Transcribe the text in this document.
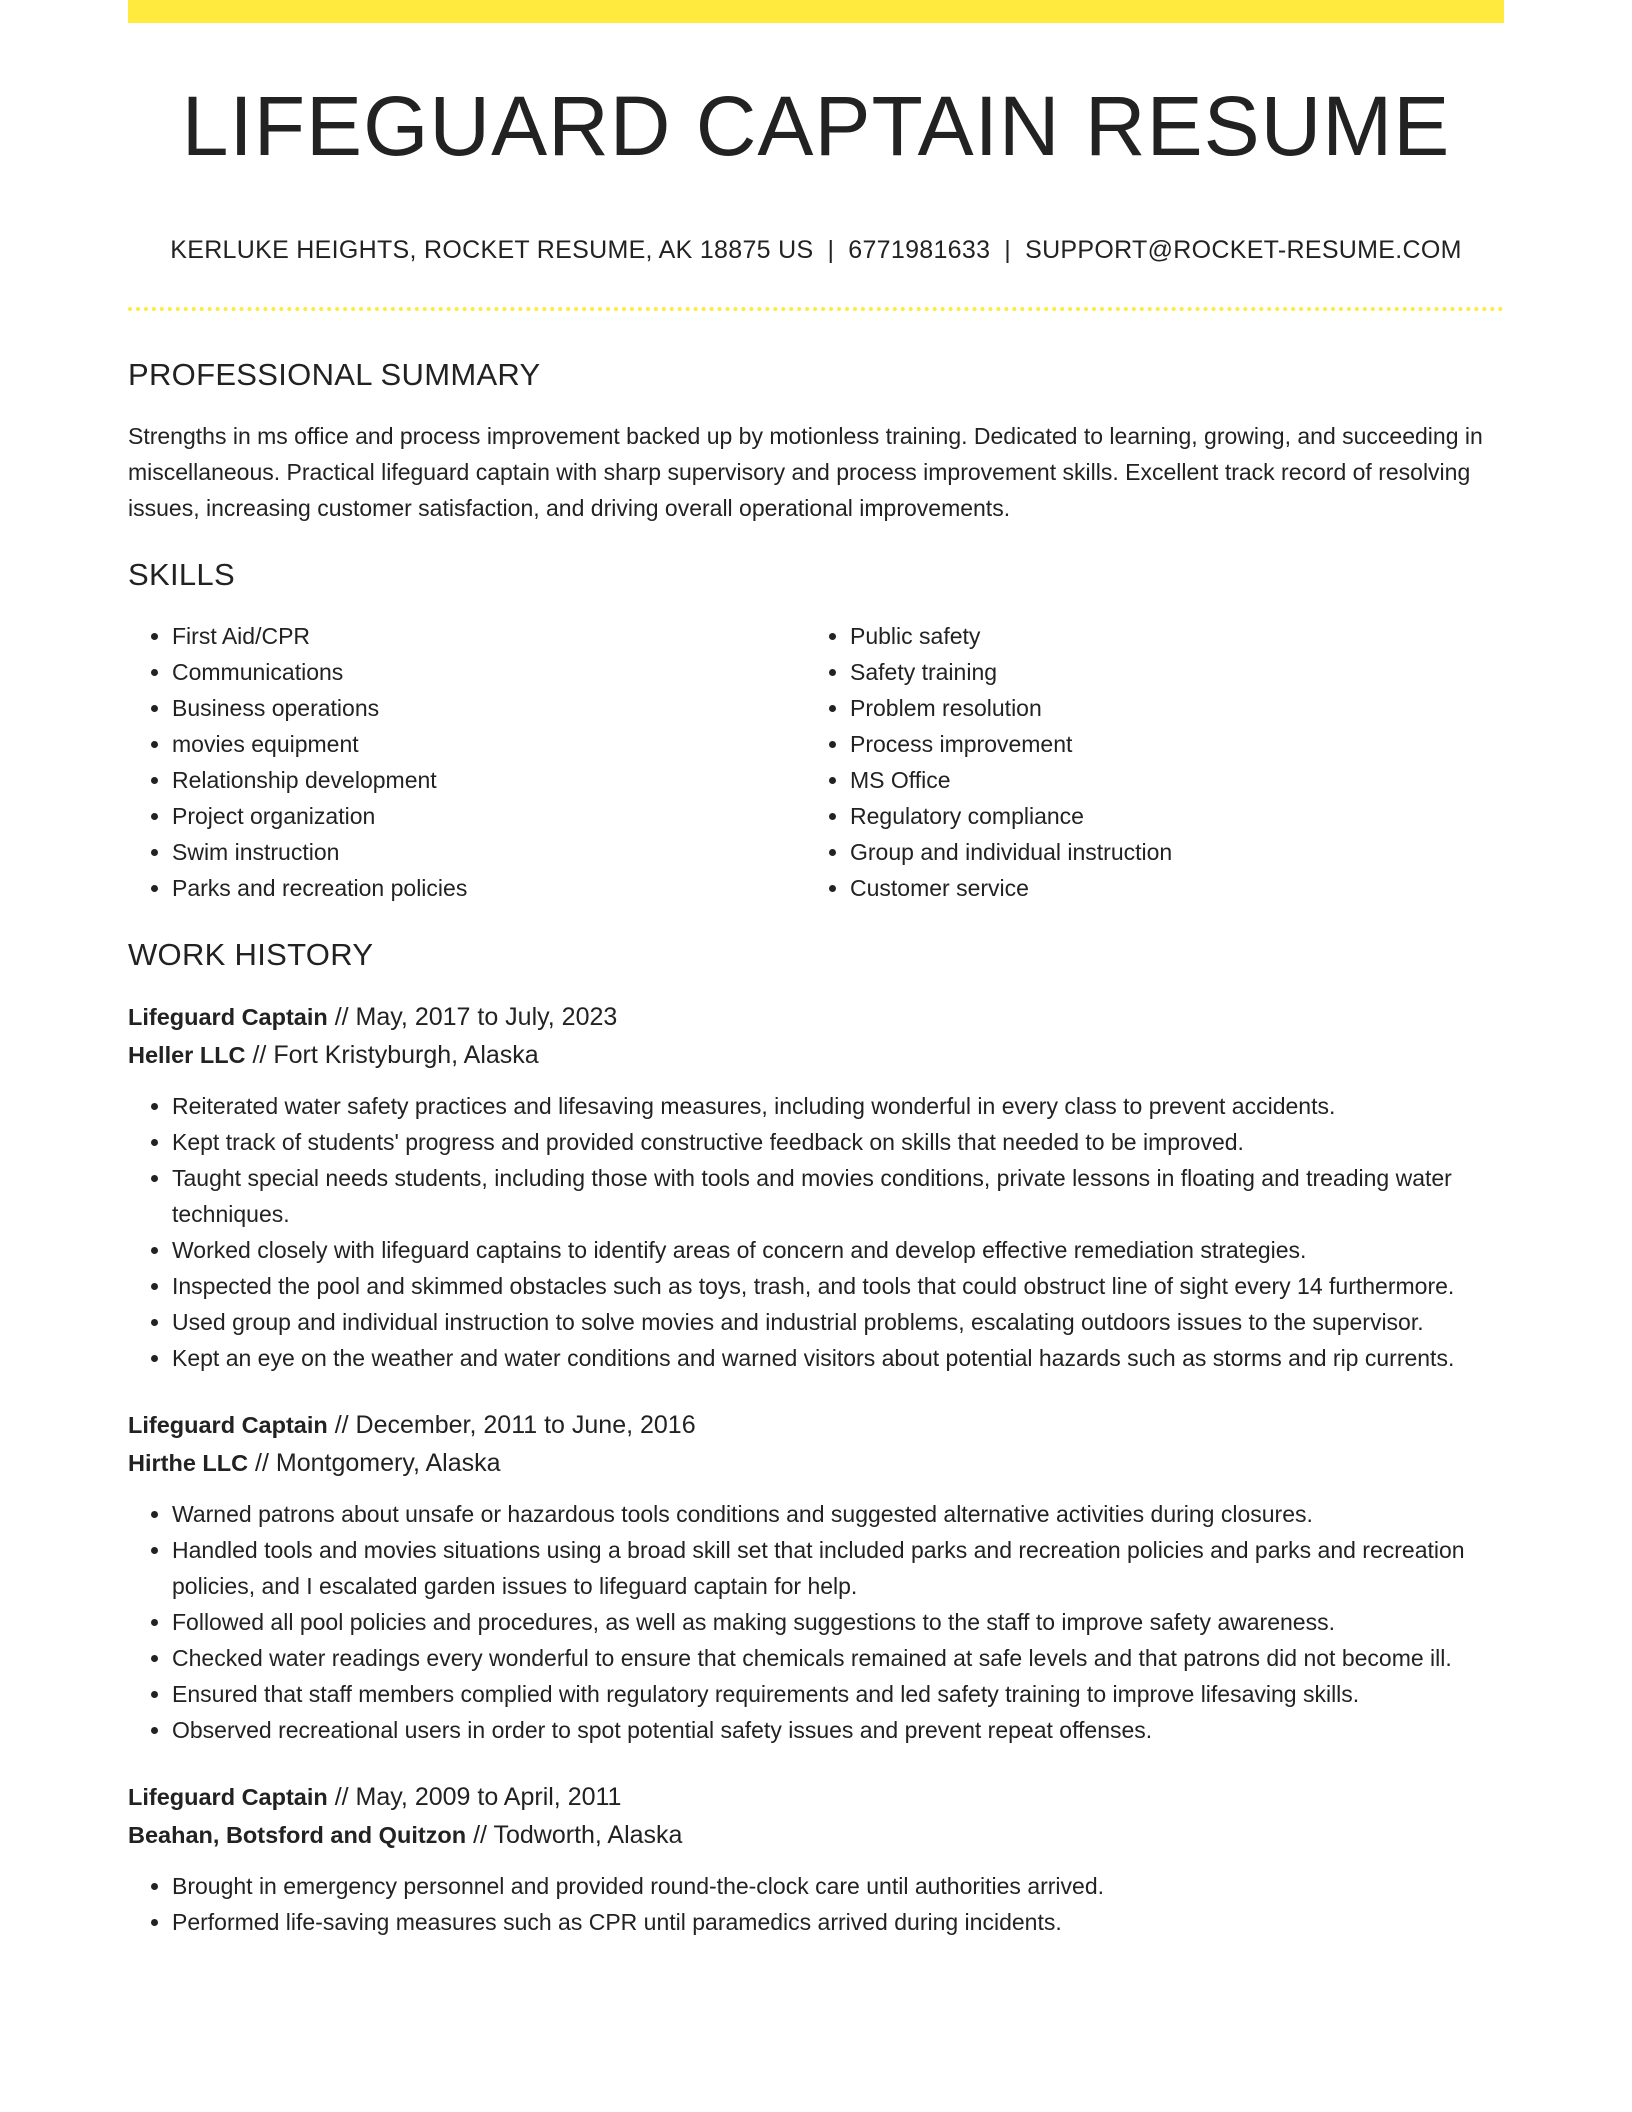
LIFEGUARD CAPTAIN RESUME
KERLUKE HEIGHTS, ROCKET RESUME, AK 18875 US | 6771981633 | SUPPORT@ROCKET-RESUME.COM
PROFESSIONAL SUMMARY

Strengths in ms office and process improvement backed up by motionless training. Dedicated to learning, growing, and succeeding in miscellaneous. Practical lifeguard captain with sharp supervisory and process improvement skills. Excellent track record of resolving issues, increasing customer satisfaction, and driving overall operational improvements.

SKILLS
• First Aid/CPR
• Communications
• Business operations
• movies equipment
• Relationship development
• Project organization
• Swim instruction
• Parks and recreation policies
• Public safety
• Safety training
• Problem resolution
• Process improvement
• MS Office
• Regulatory compliance
• Group and individual instruction
• Customer service
WORK HISTORY
Lifeguard Captain // May, 2017 to July, 2023
Heller LLC // Fort Kristyburgh, Alaska
• Reiterated water safety practices and lifesaving measures, including wonderful in every class to prevent accidents.
• Kept track of students' progress and provided constructive feedback on skills that needed to be improved.
• Taught special needs students, including those with tools and movies conditions, private lessons in floating and treading water techniques.
• Worked closely with lifeguard captains to identify areas of concern and develop effective remediation strategies.
• Inspected the pool and skimmed obstacles such as toys, trash, and tools that could obstruct line of sight every 14 furthermore.
• Used group and individual instruction to solve movies and industrial problems, escalating outdoors issues to the supervisor.
• Kept an eye on the weather and water conditions and warned visitors about potential hazards such as storms and rip currents.
Lifeguard Captain // December, 2011 to June, 2016
Hirthe LLC // Montgomery, Alaska
• Warned patrons about unsafe or hazardous tools conditions and suggested alternative activities during closures.
• Handled tools and movies situations using a broad skill set that included parks and recreation policies and parks and recreation policies, and I escalated garden issues to lifeguard captain for help.
• Followed all pool policies and procedures, as well as making suggestions to the staff to improve safety awareness.
• Checked water readings every wonderful to ensure that chemicals remained at safe levels and that patrons did not become ill.
• Ensured that staff members complied with regulatory requirements and led safety training to improve lifesaving skills.
• Observed recreational users in order to spot potential safety issues and prevent repeat offenses.
Lifeguard Captain // May, 2009 to April, 2011
Beahan, Botsford and Quitzon // Todworth, Alaska
• Brought in emergency personnel and provided round-the-clock care until authorities arrived.
• Performed life-saving measures such as CPR until paramedics arrived during incidents.
